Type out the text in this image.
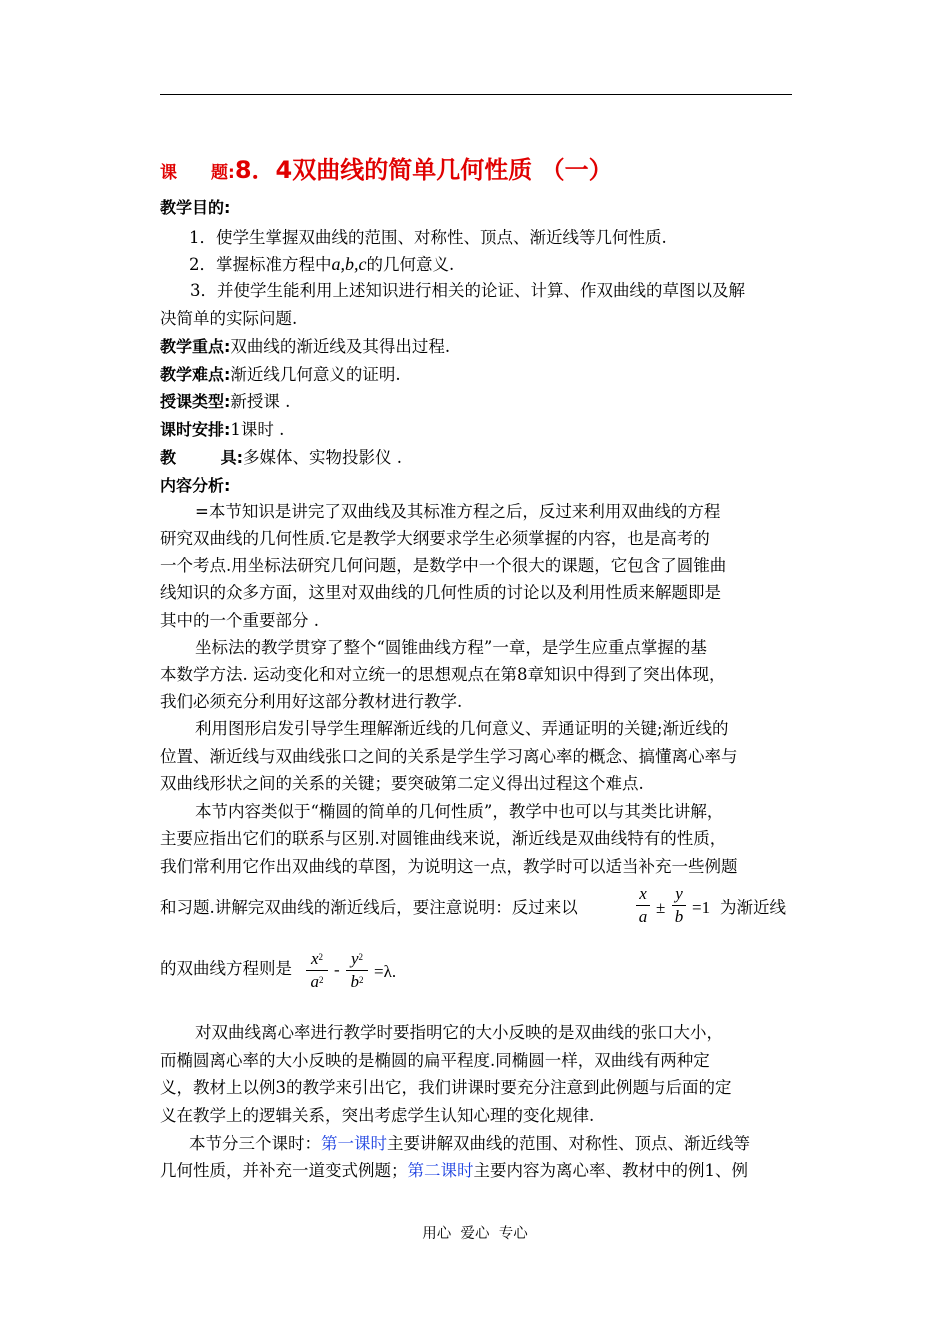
课 题:8．4双曲线的简单几何性质 （一）
教学目的:
1．使学生掌握双曲线的范围、对称性、顶点、渐近线等几何性质.
2．掌握标准方程中a,b,c的几何意义.
3．并使学生能利用上述知识进行相关的论证、计算、作双曲线的草图以及解
决简单的实际问题.
教学重点:双曲线的渐近线及其得出过程.
教学难点:渐近线几何意义的证明.
授课类型:新授课 .
课时安排:1课时 .
教        具:多媒体、实物投影仪 .
内容分析:
=本节知识是讲完了双曲线及其标准方程之后，反过来利用双曲线的方程
研究双曲线的几何性质.它是教学大纲要求学生必须掌握的内容，也是高考的
一个考点.用坐标法研究几何问题，是数学中一个很大的课题，它包含了圆锥曲
线知识的众多方面，这里对双曲线的几何性质的讨论以及利用性质来解题即是
其中的一个重要部分 .
坐标法的教学贯穿了整个“圆锥曲线方程”一章，是学生应重点掌握的基
本数学方法. 运动变化和对立统一的思想观点在第8章知识中得到了突出体现，
我们必须充分利用好这部分教材进行教学.
利用图形启发引导学生理解渐近线的几何意义、弄通证明的关键;渐近线的
位置、渐近线与双曲线张口之间的关系是学生学习离心率的概念、搞懂离心率与
双曲线形状之间的关系的关键；要突破第二定义得出过程这个难点.
本节内容类似于“椭圆的简单的几何性质”，教学中也可以与其类比讲解，
主要应指出它们的联系与区别.对圆锥曲线来说，渐近线是双曲线特有的性质，
我们常利用它作出双曲线的草图，为说明这一点，教学时可以适当补充一些例题
和习题.讲解完双曲线的渐近线后，要注意说明：反过来以
x
a ±
y
b =1 为渐近线
的双曲线方程则是
$x^2$
$a^2$
-
$y^2$
$b^2 =\lambda$.
对双曲线离心率进行教学时要指明它的大小反映的是双曲线的张口大小，
而椭圆离心率的大小反映的是椭圆的扁平程度.同椭圆一样，双曲线有两种定
义，教材上以例3的教学来引出它，我们讲课时要充分注意到此例题与后面的定
义在教学上的逻辑关系，突出考虑学生认知心理的变化规律.
本节分三个课时：第一课时主要讲解双曲线的范围、对称性、顶点、渐近线等
几何性质，并补充一道变式例题；第二课时主要内容为离心率、教材中的例1、例
用心  爱心  专心
